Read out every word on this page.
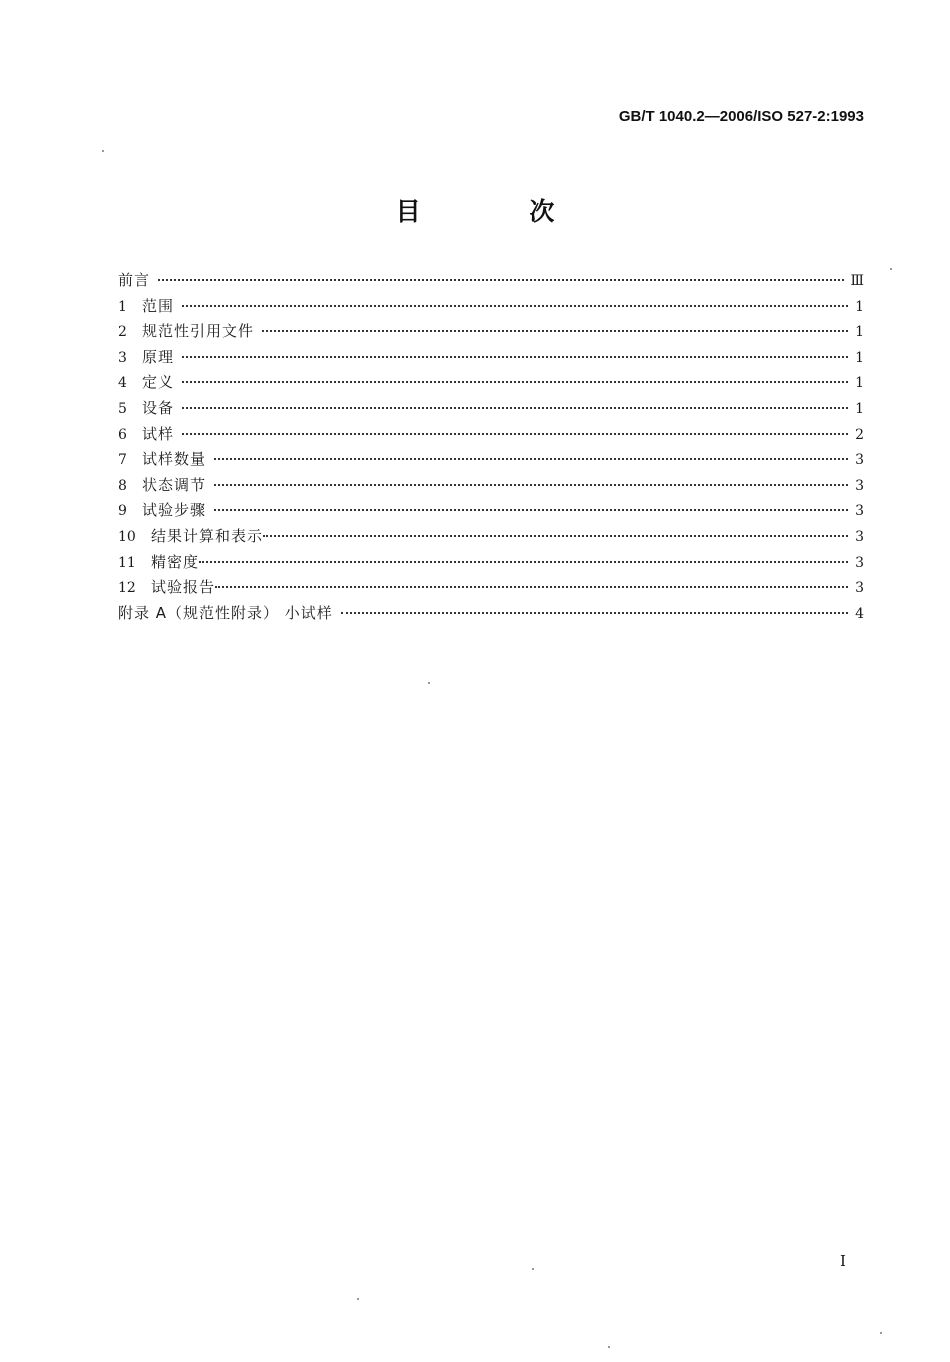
GB/T 1040.2—2006/ISO 527-2:1993
目 次
前言	Ⅲ
1	范围	1
2	规范性引用文件	1
3	原理	1
4	定义	1
5	设备	1
6	试样	2
7	试样数量	3
8	状态调节	3
9	试验步骤	3
10	结果计算和表示	3
11	精密度	3
12	试验报告	3
附录 A（规范性附录） 小试样	4
I
